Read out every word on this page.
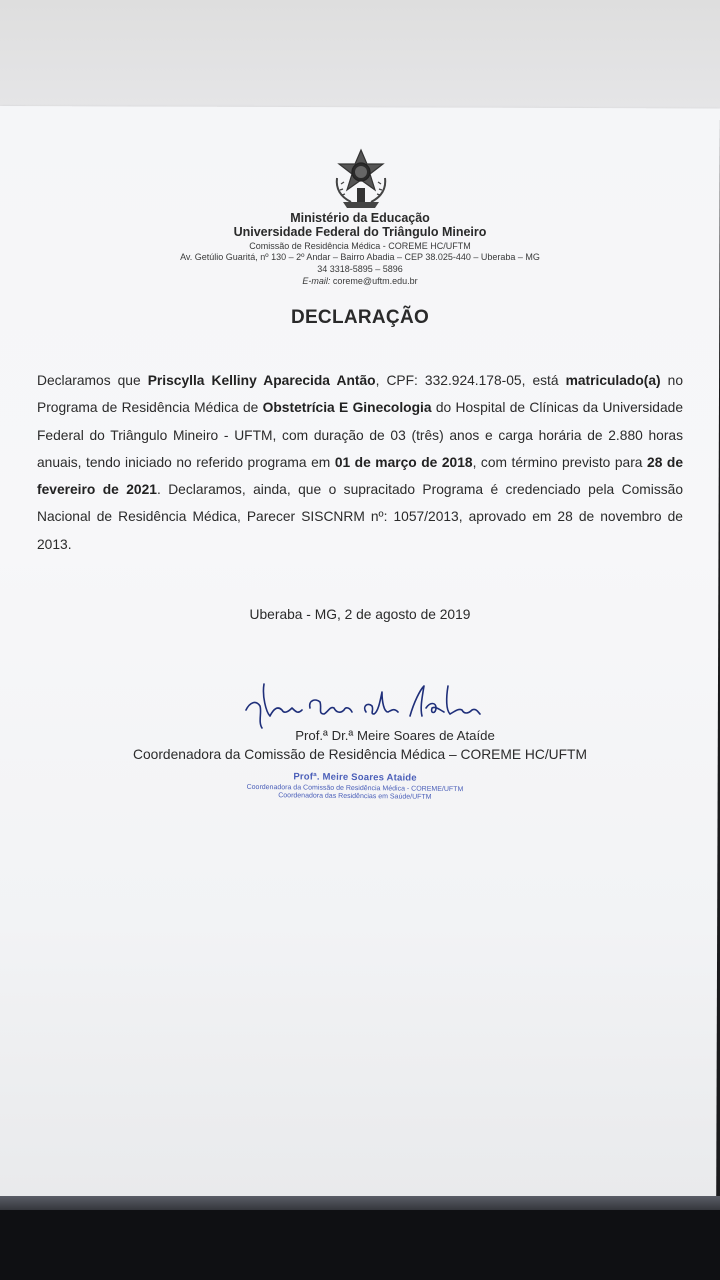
Ministério da Educação
Universidade Federal do Triângulo Mineiro
Comissão de Residência Médica - COREME HC/UFTM
Av. Getúlio Guaritá, nº 130 – 2º Andar – Bairro Abadia – CEP 38.025-440 – Uberaba – MG
34 3318-5895 – 5896
E-mail: coreme@uftm.edu.br
DECLARAÇÃO
Declaramos que Priscylla Kelliny Aparecida Antão, CPF: 332.924.178-05, está matriculado(a) no Programa de Residência Médica de Obstetrícia E Ginecologia do Hospital de Clínicas da Universidade Federal do Triângulo Mineiro - UFTM, com duração de 03 (três) anos e carga horária de 2.880 horas anuais, tendo iniciado no referido programa em 01 de março de 2018, com término previsto para 28 de fevereiro de 2021. Declaramos, ainda, que o supracitado Programa é credenciado pela Comissão Nacional de Residência Médica, Parecer SISCNRM nº: 1057/2013, aprovado em 28 de novembro de 2013.
Uberaba - MG, 2 de agosto de 2019
Prof.ª Dr.ª Meire Soares de Ataíde
Coordenadora da Comissão de Residência Médica – COREME HC/UFTM
Profª. Meire Soares Ataide
Coordenadora da Comissão de Residência Médica - COREME/UFTM
Coordenadora das Residências em Saúde/UFTM
